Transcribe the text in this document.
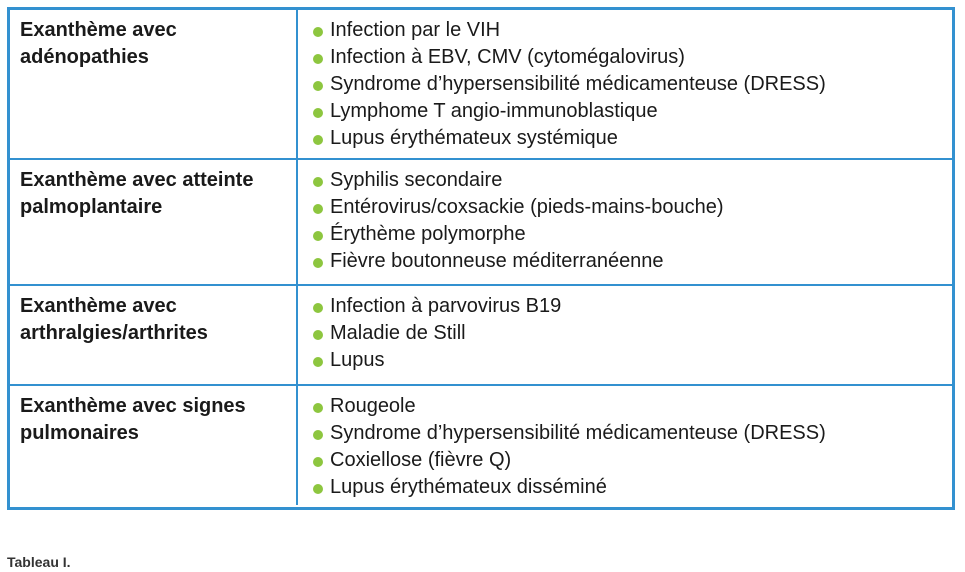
Exanthème avec adénopathies
Infection par le VIH
Infection à EBV, CMV (cytomégalovirus)
Syndrome d’hypersensibilité médicamenteuse (DRESS)
Lymphome T angio-immunoblastique
Lupus érythémateux systémique
Exanthème avec atteinte palmoplantaire
Syphilis secondaire
Entérovirus/coxsackie (pieds-mains-bouche)
Érythème polymorphe
Fièvre boutonneuse méditerranéenne
Exanthème avec arthralgies/arthrites
Infection à parvovirus B19
Maladie de Still
Lupus
Exanthème avec signes pulmonaires
Rougeole
Syndrome d’hypersensibilité médicamenteuse (DRESS)
Coxiellose (fièvre Q)
Lupus érythémateux disséminé
Tableau I.
